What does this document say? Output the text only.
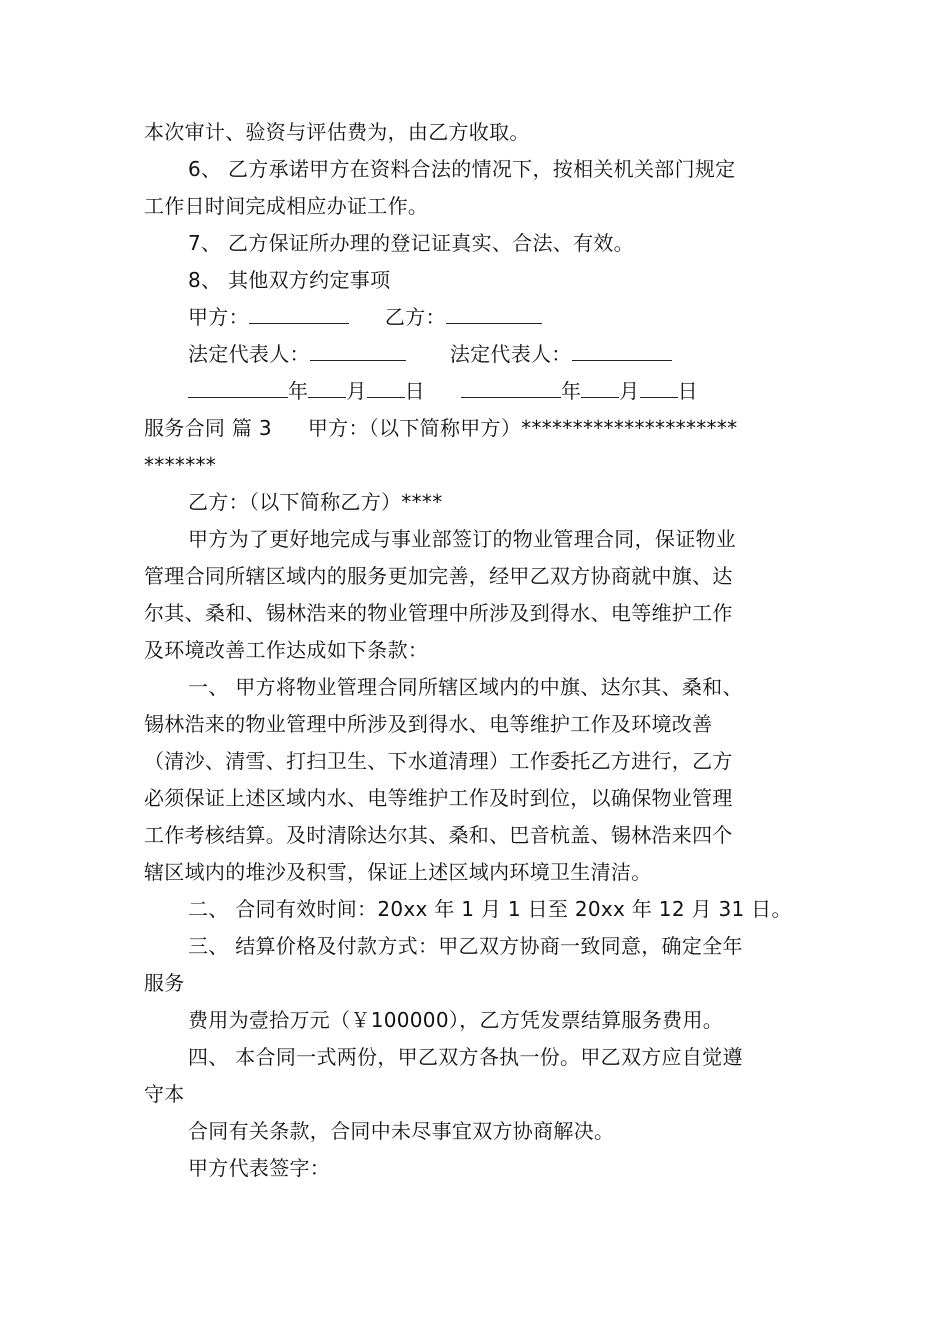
本次审计、验资与评估费为，由乙方收取。
6、 乙方承诺甲方在资料合法的情况下，按相关机关部门规定
工作日时间完成相应办证工作。
7、 乙方保证所办理的登记证真实、合法、有效。
8、 其他双方约定事项
甲方：	乙方：
法定代表人：	法定代表人：
年 月 日	年 月 日
服务合同 篇 3 甲方：（以下简称甲方）*********************
*******
乙方：（以下简称乙方）****
甲方为了更好地完成与事业部签订的物业管理合同，保证物业
管理合同所辖区域内的服务更加完善，经甲乙双方协商就中旗、达
尔其、桑和、锡林浩来的物业管理中所涉及到得水、电等维护工作
及环境改善工作达成如下条款：
一、 甲方将物业管理合同所辖区域内的中旗、达尔其、桑和、
锡林浩来的物业管理中所涉及到得水、电等维护工作及环境改善
（清沙、清雪、打扫卫生、下水道清理）工作委托乙方进行，乙方
必须保证上述区域内水、电等维护工作及时到位，以确保物业管理
工作考核结算。及时清除达尔其、桑和、巴音杭盖、锡林浩来四个
辖区域内的堆沙及积雪，保证上述区域内环境卫生清洁。
二、 合同有效时间：20xx 年 1 月 1 日至 20xx 年 12 月 31 日。
三、 结算价格及付款方式：甲乙双方协商一致同意，确定全年
服务
费用为壹拾万元（￥100000），乙方凭发票结算服务费用。
四、 本合同一式两份，甲乙双方各执一份。甲乙双方应自觉遵
守本
合同有关条款，合同中未尽事宜双方协商解决。
甲方代表签字：
